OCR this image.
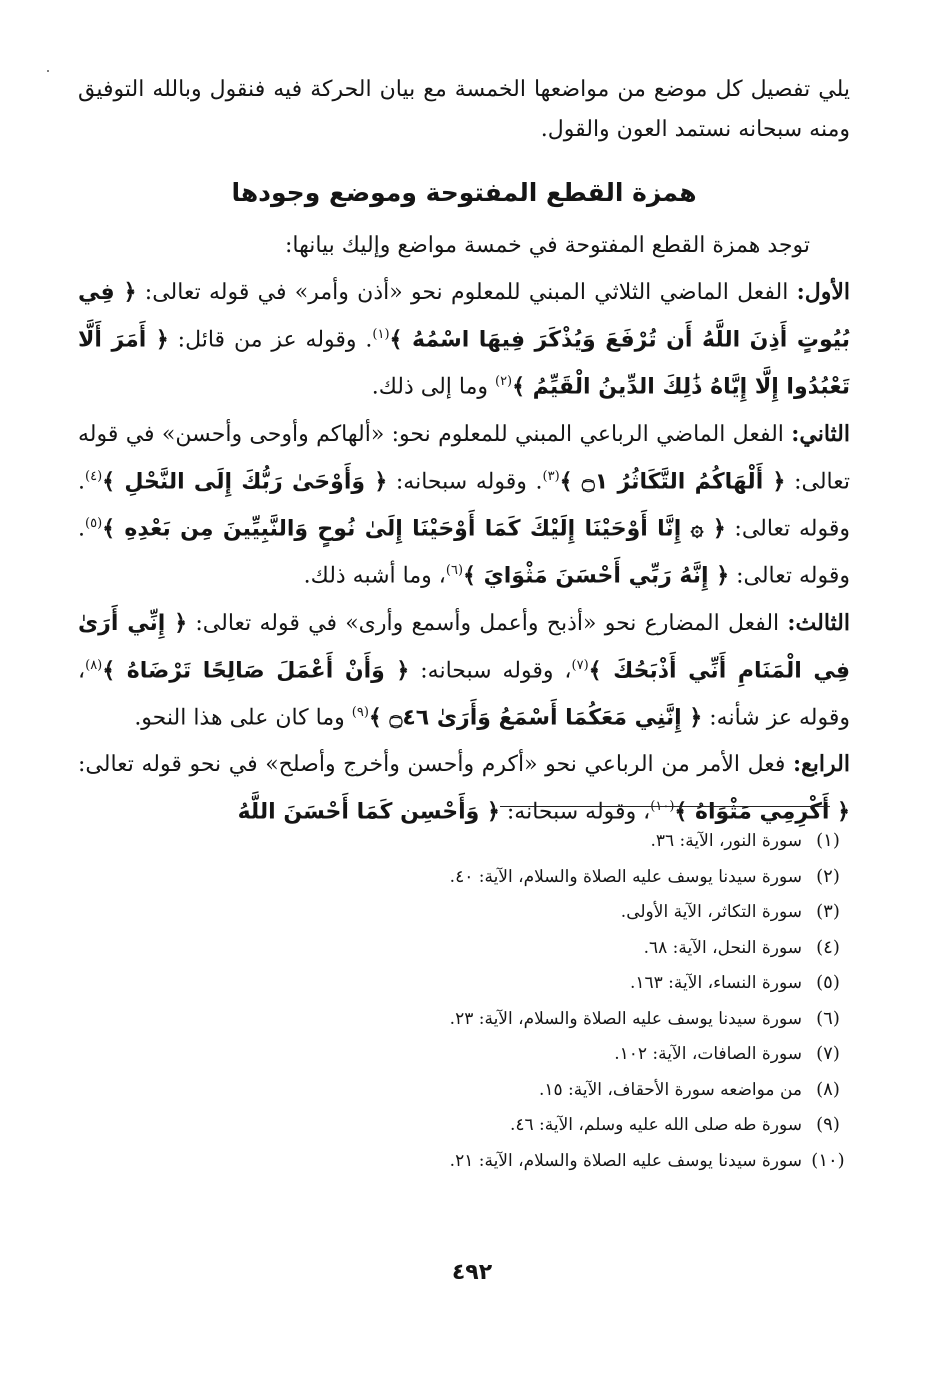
يلي تفصيل كل موضع من مواضعها الخمسة مع بيان الحركة فيه فنقول وبالله التوفيق ومنه سبحانه نستمد العون والقول.

همزة القطع المفتوحة وموضع وجودها

توجد همزة القطع المفتوحة في خمسة مواضع وإليك بيانها:

الأول: الفعل الماضي الثلاثي المبني للمعلوم نحو «أذن وأمر» في قوله تعالى: ﴿ فِي بُيُوتٍ أَذِنَ اللَّهُ أَن تُرْفَعَ وَيُذْكَرَ فِيهَا اسْمُهُ ﴾$^{(١)}$. وقوله عز من قائل: ﴿ أَمَرَ أَلَّا تَعْبُدُوا إِلَّا إِيَّاهُ ذَٰلِكَ الدِّينُ الْقَيِّمُ ﴾$^{(٢)}$ وما إلى ذلك.

الثاني: الفعل الماضي الرباعي المبني للمعلوم نحو: «ألهاكم وأوحى وأحسن» في قوله تعالى: ﴿ أَلْهَاكُمُ التَّكَاثُرُ ۝١ ﴾$^{(٣)}$. وقوله سبحانه: ﴿ وَأَوْحَىٰ رَبُّكَ إِلَى النَّحْلِ ﴾$^{(٤)}$. وقوله تعالى: ﴿ ۞ إِنَّا أَوْحَيْنَا إِلَيْكَ كَمَا أَوْحَيْنَا إِلَىٰ نُوحٍ وَالنَّبِيِّينَ مِن بَعْدِهِ ﴾$^{(٥)}$. وقوله تعالى: ﴿ إِنَّهُ رَبِّي أَحْسَنَ مَثْوَايَ ﴾$^{(٦)}$، وما أشبه ذلك.

الثالث: الفعل المضارع نحو «أذبح وأعمل وأسمع وأرى» في قوله تعالى: ﴿ إِنِّي أَرَىٰ فِي الْمَنَامِ أَنِّي أَذْبَحُكَ ﴾$^{(٧)}$، وقوله سبحانه: ﴿ وَأَنْ أَعْمَلَ صَالِحًا تَرْضَاهُ ﴾$^{(٨)}$، وقوله عز شأنه: ﴿ إِنَّنِي مَعَكُمَا أَسْمَعُ وَأَرَىٰ ۝٤٦ ﴾$^{(٩)}$ وما كان على هذا النحو.

الرابع: فعل الأمر من الرباعي نحو «أكرم وأحسن وأخرج وأصلح» في نحو قوله تعالى: ﴿ أَكْرِمِي مَثْوَاهُ ﴾$^{(١٠)}$، وقوله سبحانه: ﴿ وَأَحْسِن كَمَا أَحْسَنَ اللَّهُ

(١)
سورة النور، الآية: ٣٦.
(٢)
سورة سيدنا يوسف عليه الصلاة والسلام، الآية: ٤٠.
(٣)
سورة التكاثر، الآية الأولى.
(٤)
سورة النحل، الآية: ٦٨.
(٥)
سورة النساء، الآية: ١٦٣.
(٦)
سورة سيدنا يوسف عليه الصلاة والسلام، الآية: ٢٣.
(٧)
سورة الصافات، الآية: ١٠٢.
(٨)
من مواضعه سورة الأحقاف، الآية: ١٥.
(٩)
سورة طه صلى الله عليه وسلم، الآية: ٤٦.
(١٠)
سورة سيدنا يوسف عليه الصلاة والسلام، الآية: ٢١.
٤٩٢
